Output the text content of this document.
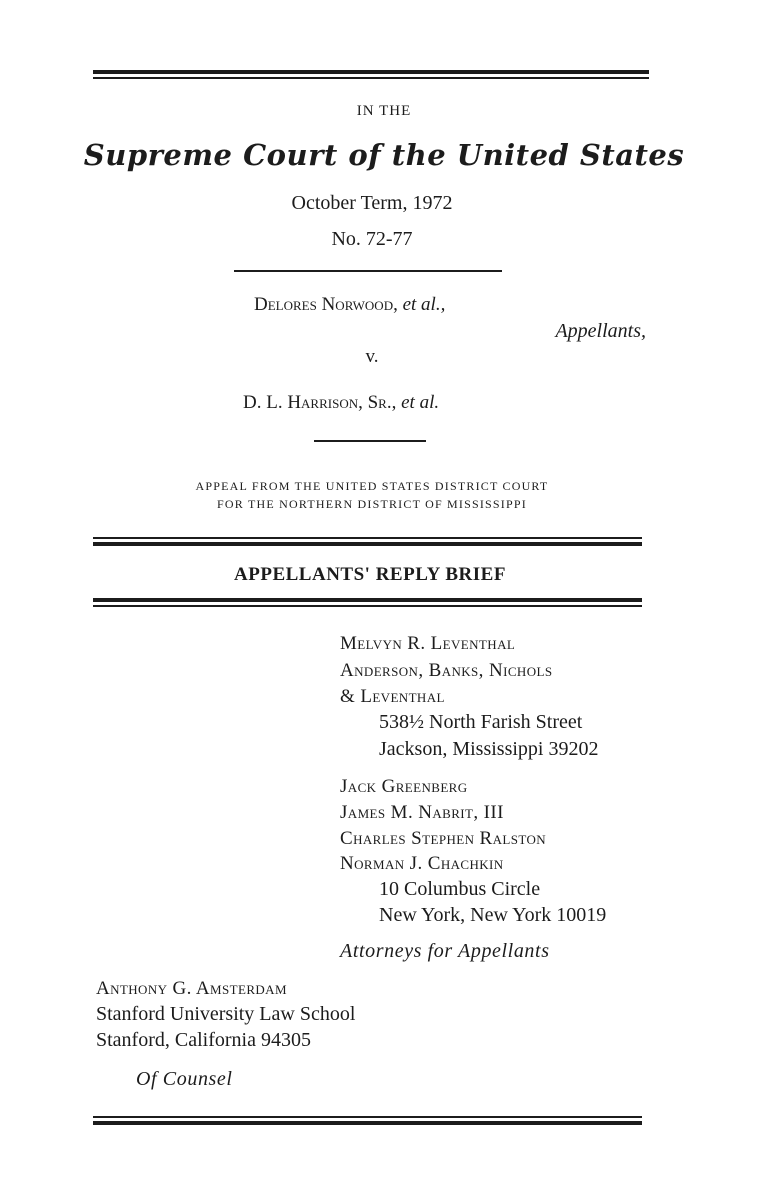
IN THE
Supreme Court of the United States
October Term, 1972
No. 72-77
Delores Norwood, et al.,
Appellants,
v.
D. L. Harrison, Sr., et al.
APPEAL FROM THE UNITED STATES DISTRICT COURT
FOR THE NORTHERN DISTRICT OF MISSISSIPPI
APPELLANTS' REPLY BRIEF
Melvyn R. Leventhal
Anderson, Banks, Nichols
& Leventhal
538½ North Farish Street
Jackson, Mississippi 39202
Jack Greenberg
James M. Nabrit, III
Charles Stephen Ralston
Norman J. Chachkin
10 Columbus Circle
New York, New York 10019
Attorneys for Appellants
Anthony G. Amsterdam
Stanford University Law School
Stanford, California 94305
Of Counsel
